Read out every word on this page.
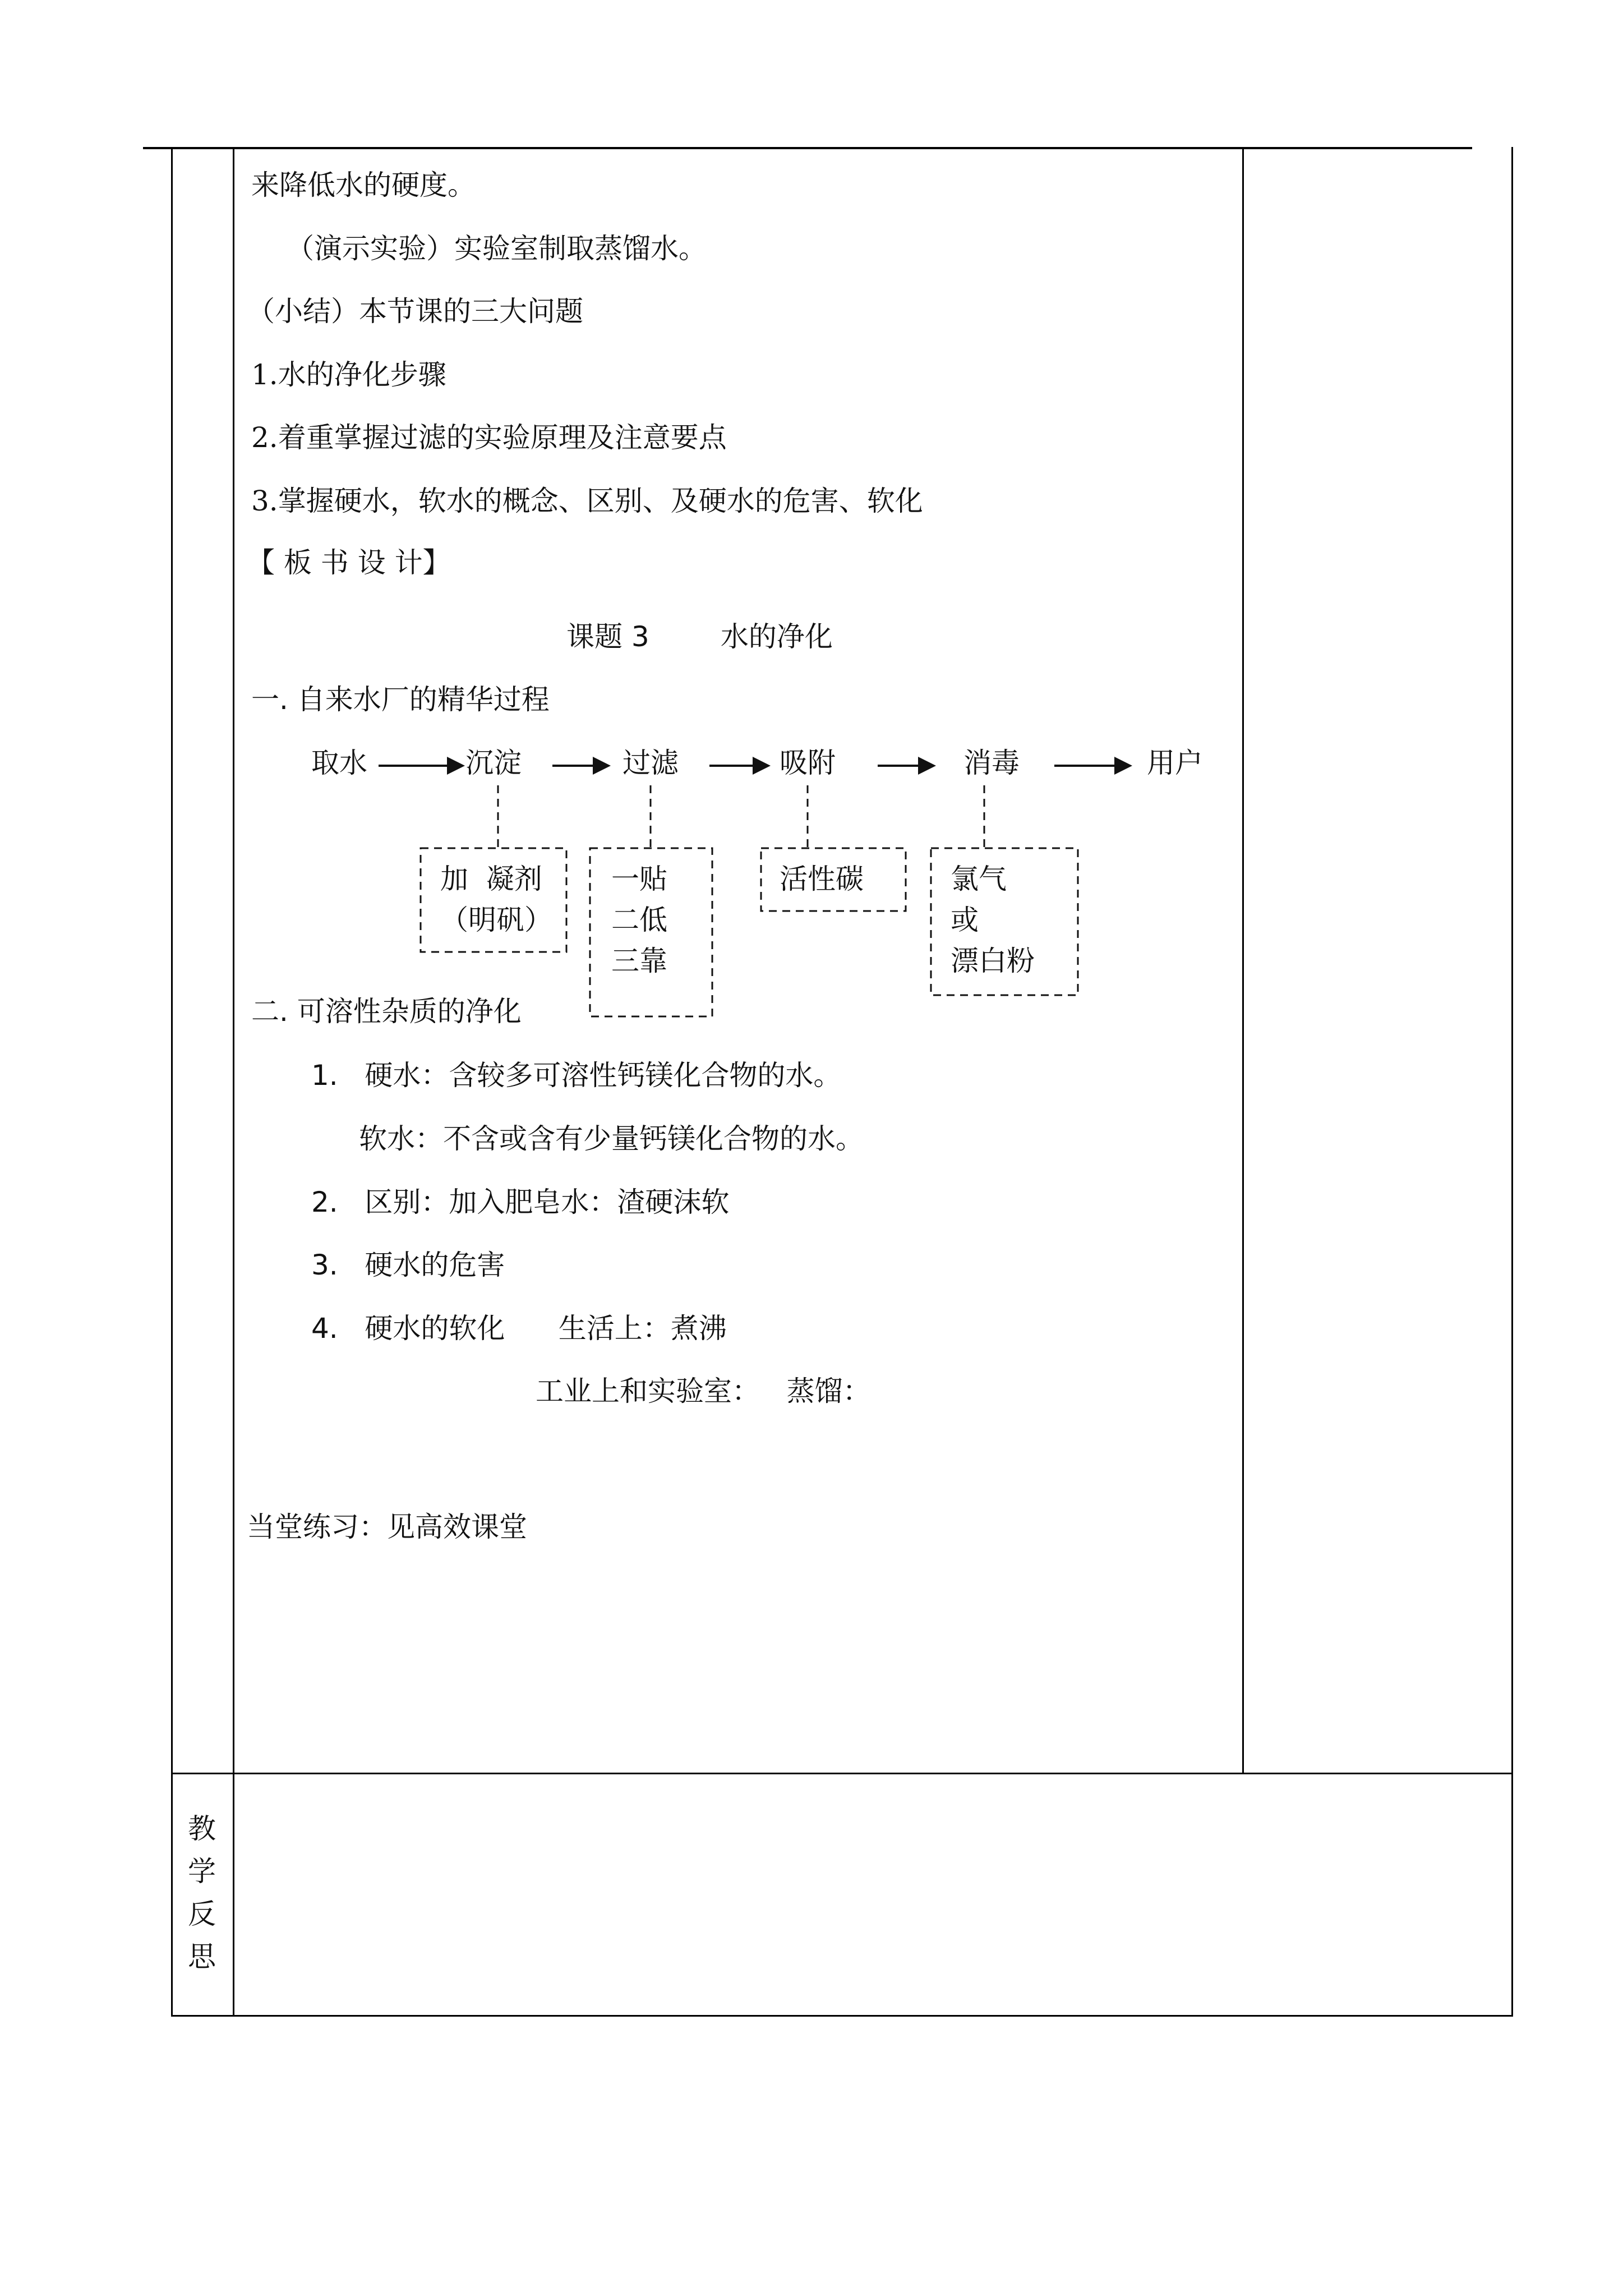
来降低水的硬度。
（演示实验）实验室制取蒸馏水。
（小结）本节课的三大问题
1.水的净化步骤
2.着重掌握过滤的实验原理及注意要点
3.掌握硬水，软水的概念、区别、及硬水的危害、软化
【 板 书 设 计】
课题 3        水的净化
一. 自来水厂的精华过程
取水	沉淀	过滤	吸附	消毒	用户
加  凝剂
（明矾）
一贴
二低
三靠
活性碳	氯气
或
漂白粉
二. 可溶性杂质的净化
1.   硬水：含较多可溶性钙镁化合物的水。
软水：不含或含有少量钙镁化合物的水。
2.   区别：加入肥皂水：渣硬沫软
3.   硬水的危害
4.   硬水的软化      生活上：煮沸
工业上和实验室：   蒸馏：
当堂练习：见高效课堂
教
学
反
思
